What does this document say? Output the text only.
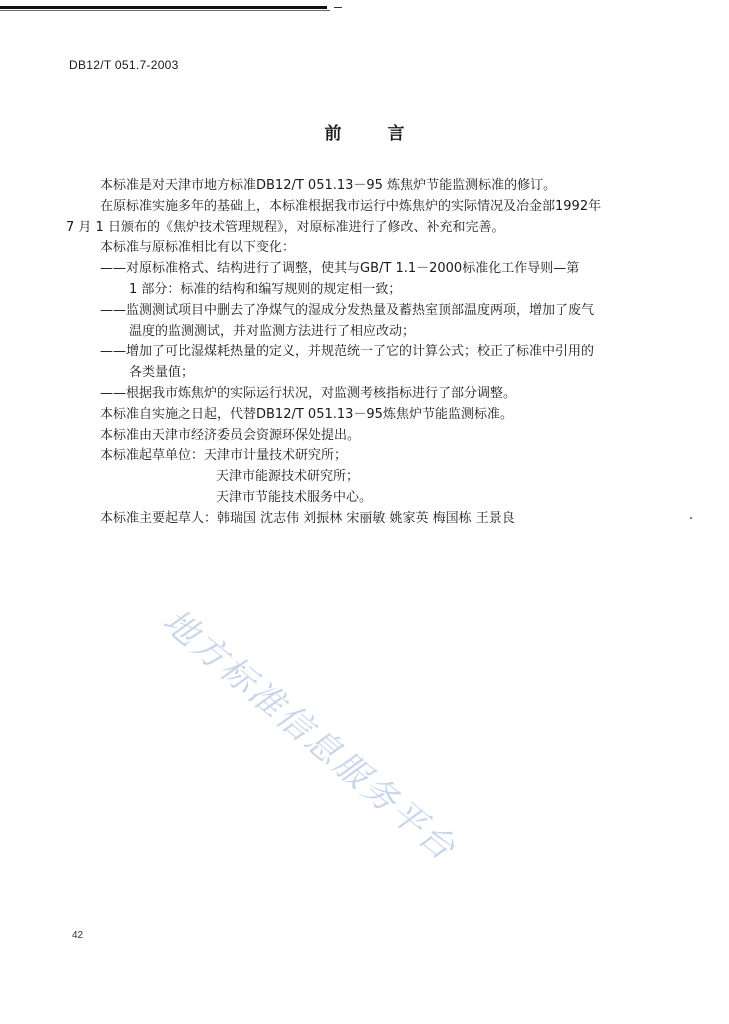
DB12/T 051.7-2003
前 言
本标准是对天津市地方标准DB12/T 051.13－95 炼焦炉节能监测标准的修订。
在原标准实施多年的基础上，本标准根据我市运行中炼焦炉的实际情况及冶金部1992年
7 月 1 日颁布的《焦炉技术管理规程》，对原标准进行了修改、补充和完善。
本标准与原标准相比有以下变化：
——对原标准格式、结构进行了调整，使其与GB/T 1.1－2000标准化工作导则—第
1 部分：标准的结构和编写规则的规定相一致；
——监测测试项目中删去了净煤气的湿成分发热量及蓄热室顶部温度两项，增加了废气
温度的监测测试，并对监测方法进行了相应改动；
——增加了可比湿煤耗热量的定义，并规范统一了它的计算公式；校正了标准中引用的
各类量值；
——根据我市炼焦炉的实际运行状况，对监测考核指标进行了部分调整。
本标准自实施之日起，代替DB12/T 051.13－95炼焦炉节能监测标准。
本标准由天津市经济委员会资源环保处提出。
本标准起草单位：天津市计量技术研究所；
天津市能源技术研究所；
天津市节能技术服务中心。
本标准主要起草人：韩瑞国 沈志伟 刘振林 宋丽敏 姚家英 梅国栋 王景良
地方标准信息服务平台
42
